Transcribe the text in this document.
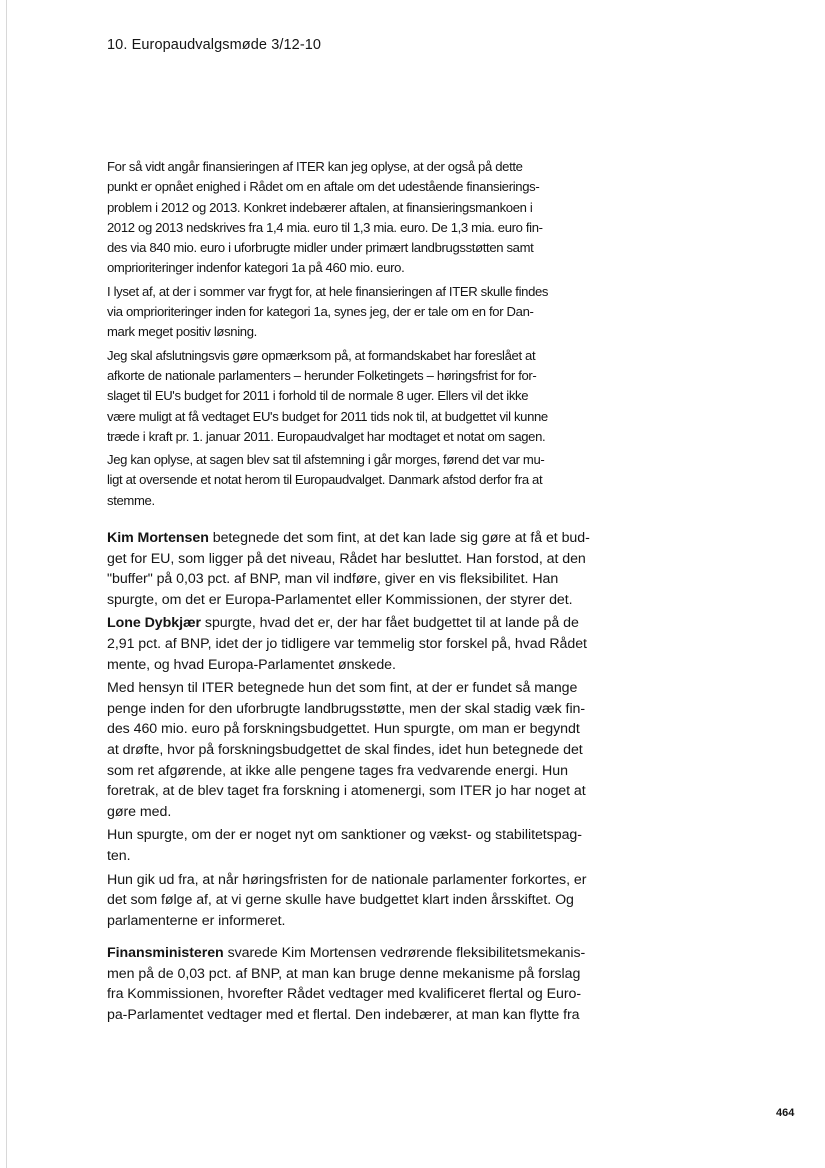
10. Europaudvalgsmøde 3/12-10

For så vidt angår finansieringen af ITER kan jeg oplyse, at der også på dette
punkt er opnået enighed i Rådet om en aftale om det udestående finansierings-
problem i 2012 og 2013. Konkret indebærer aftalen, at finansieringsmankoen i
2012 og 2013 nedskrives fra 1,4 mia. euro til 1,3 mia. euro. De 1,3 mia. euro fin-
des via 840 mio. euro i uforbrugte midler under primært landbrugsstøtten samt
omprioriteringer indenfor kategori 1a på 460 mio. euro.

I lyset af, at der i sommer var frygt for, at hele finansieringen af ITER skulle findes
via omprioriteringer inden for kategori 1a, synes jeg, der er tale om en for Dan-
mark meget positiv løsning.

Jeg skal afslutningsvis gøre opmærksom på, at formandskabet har foreslået at
afkorte de nationale parlamenters – herunder Folketingets – høringsfrist for for-
slaget til EU's budget for 2011 i forhold til de normale 8 uger. Ellers vil det ikke
være muligt at få vedtaget EU's budget for 2011 tids nok til, at budgettet vil kunne
træde i kraft pr. 1. januar 2011. Europaudvalget har modtaget et notat om sagen.

Jeg kan oplyse, at sagen blev sat til afstemning i går morges, førend det var mu-
ligt at oversende et notat herom til Europaudvalget. Danmark afstod derfor fra at
stemme.

Kim Mortensen betegnede det som fint, at det kan lade sig gøre at få et bud-
get for EU, som ligger på det niveau, Rådet har besluttet. Han forstod, at den
"buffer" på 0,03 pct. af BNP, man vil indføre, giver en vis fleksibilitet. Han
spurgte, om det er Europa-Parlamentet eller Kommissionen, der styrer det.

Lone Dybkjær spurgte, hvad det er, der har fået budgettet til at lande på de
2,91 pct. af BNP, idet der jo tidligere var temmelig stor forskel på, hvad Rådet
mente, og hvad Europa-Parlamentet ønskede.

Med hensyn til ITER betegnede hun det som fint, at der er fundet så mange
penge inden for den uforbrugte landbrugsstøtte, men der skal stadig væk fin-
des 460 mio. euro på forskningsbudgettet. Hun spurgte, om man er begyndt
at drøfte, hvor på forskningsbudgettet de skal findes, idet hun betegnede det
som ret afgørende, at ikke alle pengene tages fra vedvarende energi. Hun
foretrak, at de blev taget fra forskning i atomenergi, som ITER jo har noget at
gøre med.

Hun spurgte, om der er noget nyt om sanktioner og vækst- og stabilitetspag-
ten.

Hun gik ud fra, at når høringsfristen for de nationale parlamenter forkortes, er
det som følge af, at vi gerne skulle have budgettet klart inden årsskiftet. Og
parlamenterne er informeret.

Finansministeren svarede Kim Mortensen vedrørende fleksibilitetsmekanis-
men på de 0,03 pct. af BNP, at man kan bruge denne mekanisme på forslag
fra Kommissionen, hvorefter Rådet vedtager med kvalificeret flertal og Euro-
pa-Parlamentet vedtager med et flertal. Den indebærer, at man kan flytte fra

464
